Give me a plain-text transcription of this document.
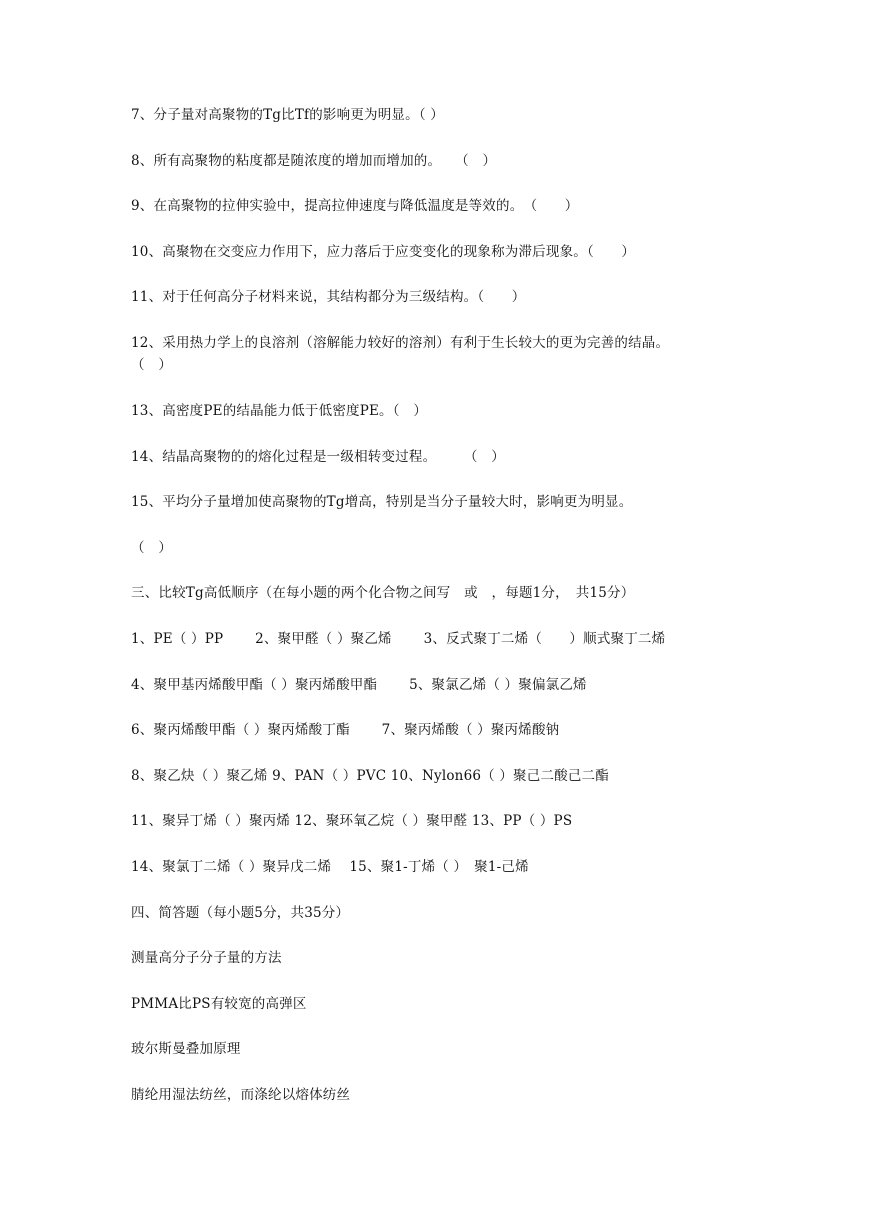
7、分子量对高聚物的Tg比Tf的影响更为明显。（ ）
8、所有高聚物的粘度都是随浓度的增加而增加的。　　（　）
9、在高聚物的拉伸实验中，提高拉伸速度与降低温度是等效的。　（　　）
10、高聚物在交变应力作用下，应力落后于应变变化的现象称为滞后现象。（　　）
11、对于任何高分子材料来说，其结构都分为三级结构。（　　）
12、采用热力学上的良溶剂（溶解能力较好的溶剂）有利于生长较大的更为完善的结晶。
（　）
13、高密度PE的结晶能力低于低密度PE。（　）
14、结晶高聚物的的熔化过程是一级相转变过程。　　　（　）
15、平均分子量增加使高聚物的Tg增高，特别是当分子量较大时，影响更为明显。
（　）
三、比较Tg高低顺序（在每小题的两个化合物之间写　或　，每题1分，　共15分）
1、PE（ ）PP　　 2、聚甲醛（ ）聚乙烯　　 3、反式聚丁二烯（　　）顺式聚丁二烯
4、聚甲基丙烯酸甲酯（ ）聚丙烯酸甲酯　　 5、聚氯乙烯（ ）聚偏氯乙烯
6、聚丙烯酸甲酯（ ）聚丙烯酸丁酯　　 7、聚丙烯酸（ ）聚丙烯酸钠
8、聚乙炔（ ）聚乙烯 9、PAN（ ）PVC 10、Nylon66（ ）聚己二酸己二酯
11、聚异丁烯（ ）聚丙烯 12、聚环氧乙烷（ ）聚甲醛 13、PP（ ）PS
14、聚氯丁二烯（ ）聚异戊二烯　 15、聚1-丁烯（ ）　聚1-己烯
四、简答题（每小题5分，共35分）
测量高分子分子量的方法
PMMA比PS有较宽的高弹区
玻尔斯曼叠加原理
腈纶用湿法纺丝，而涤纶以熔体纺丝
